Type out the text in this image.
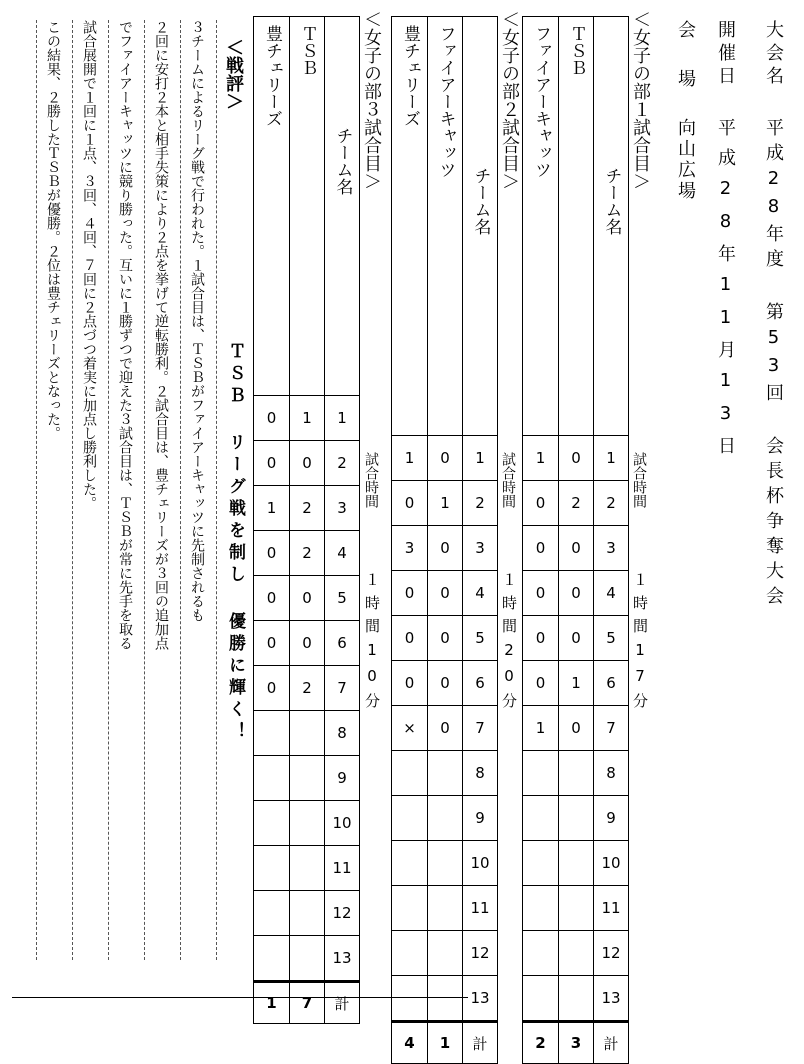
大会名
平成28年度 第53回 会長杯争奪大会
開催日
平成28年11月13日
会 場
向山広場
＜女子の部１試合目＞
ファイアーキャッツ	ＴＳＢ	チーム名
1	0	1
0	2	2
0	0	3
0	0	4
0	0	5
0	1	6
1	0	7
		8
		9
		10
		11
		12
		13
2	3	計
試合時間
１時間17分
＜女子の部２試合目＞
豊チェリーズ	ファイアーキャッツ	チーム名
1	0	1
0	1	2
3	0	3
0	0	4
0	0	5
0	0	6
×	0	7
		8
		9
		10
		11
		12
		13
4	1	計
試合時間
１時間20分
＜女子の部３試合目＞
豊チェリーズ	ＴＳＢ	チーム名
0	1	1
0	0	2
1	2	3
0	2	4
0	0	5
0	0	6
0	2	7
		8
		9
		10
		11
		12
		13
1	7	計
試合時間
１時間10分
ＴＳＢ リーグ戦を制し 優勝に輝く！
＜戦評＞
３チームによるリーグ戦で行われた。１試合目は、ＴＳＢがファイアーキャッツに先制されるも
２回に安打２本と相手失策により２点を挙げて逆転勝利。２試合目は、豊チェリーズが３回の追加点
でファイアーキャッツに競り勝った。互いに１勝ずつで迎えた３試合目は、ＴＳＢが常に先手を取る
試合展開で１回に１点、３回、４回、７回に２点づつ着実に加点し勝利した。
この結果、２勝したＴＳＢが優勝。２位は豊チェリーズとなった。
